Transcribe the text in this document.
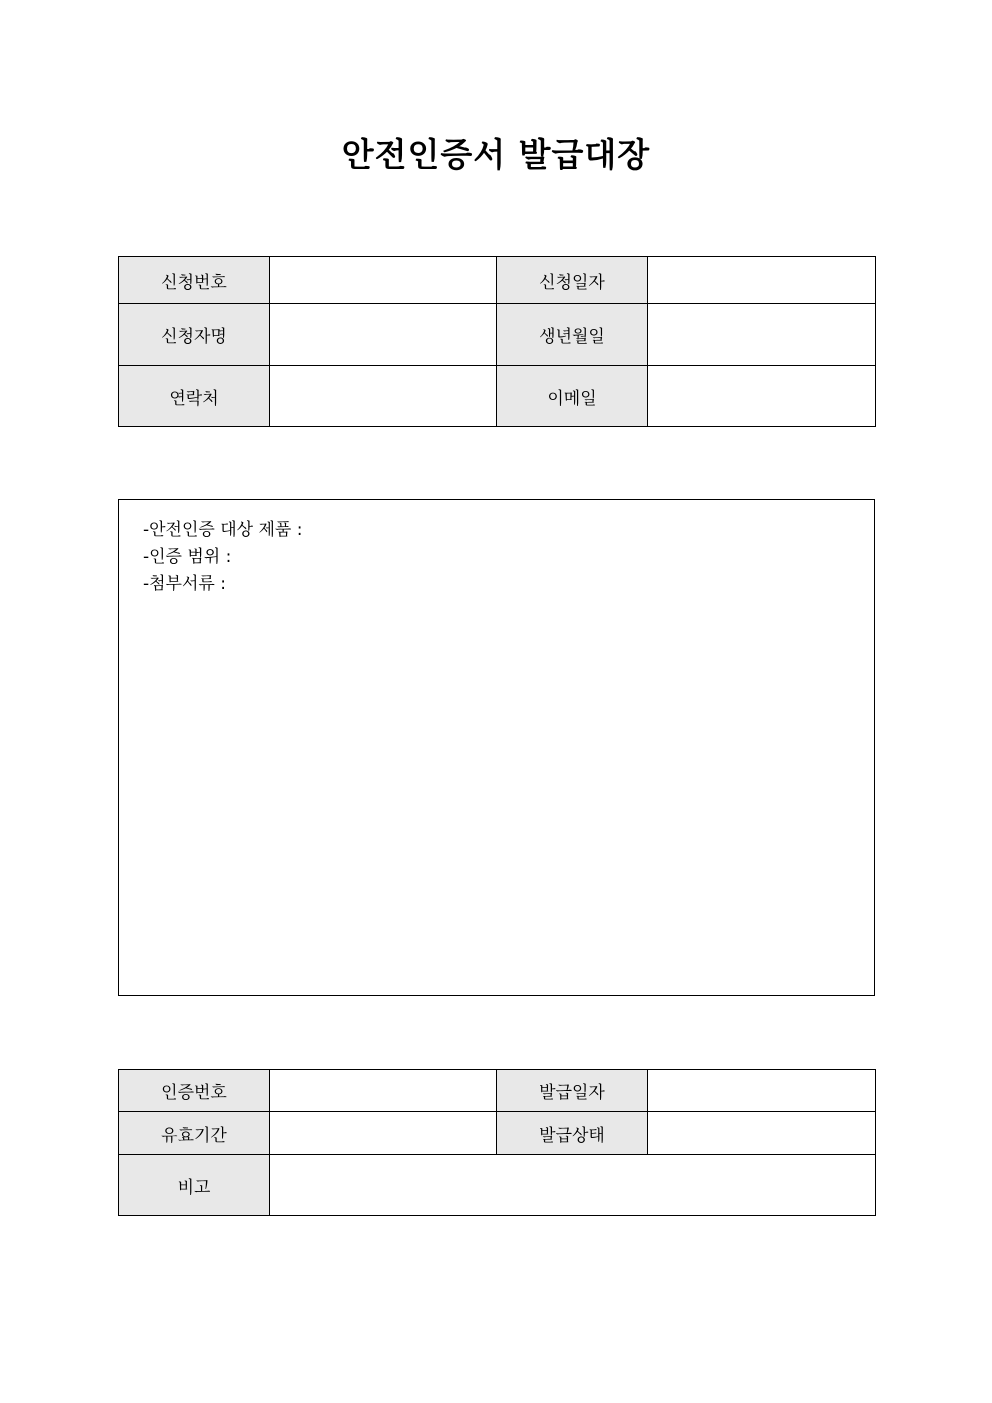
안전인증서 발급대장
신청번호		신청일자	
신청자명		생년월일	
연락처		이메일	
-안전인증 대상 제품 :
-인증 범위 :
-첨부서류 :
인증번호		발급일자	
유효기간		발급상태	
비고			
